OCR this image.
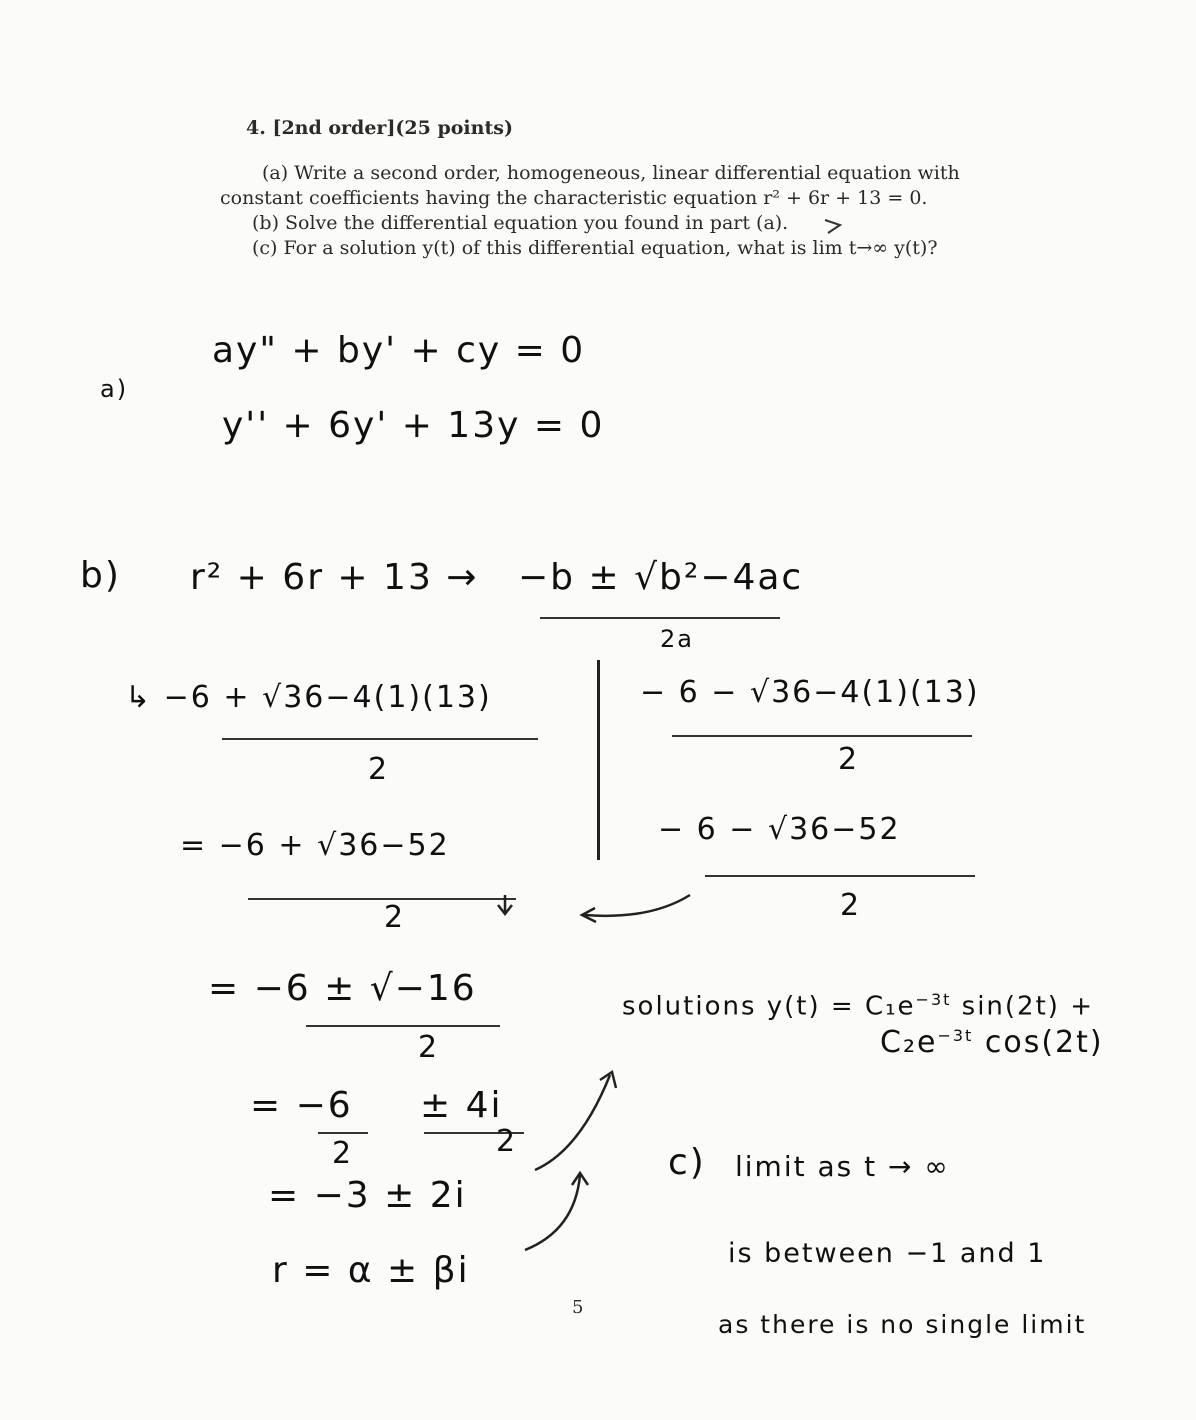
4. [2nd order](25 points)
(a) Write a second order, homogeneous, linear differential equation with
constant coefficients having the characteristic equation r² + 6r + 13 = 0.
(b) Solve the differential equation you found in part (a).
(c) For a solution y(t) of this differential equation, what is lim t→∞ y(t)?
a)
ay" + by' + cy = 0
y'' + 6y' + 13y = 0
b) r² + 6r + 13 → −b ± √b²−4ac
2a
↳ −6 + √36−4(1)(13)
2
= −6 + √36−52
2
= −6 ± √−16
2
= −6
2
± 4i
2
= −3 ± 2i
r = α ± βi
− 6 − √36−4(1)(13)
2
− 6 − √36−52
2
solutions $y(t) = C_1e^{-3t}$ sin(2t) +
$C_2e^{-3t}$ cos(2t)
c) limit as t → ∞
is between −1 and 1
as there is no single limit
5
